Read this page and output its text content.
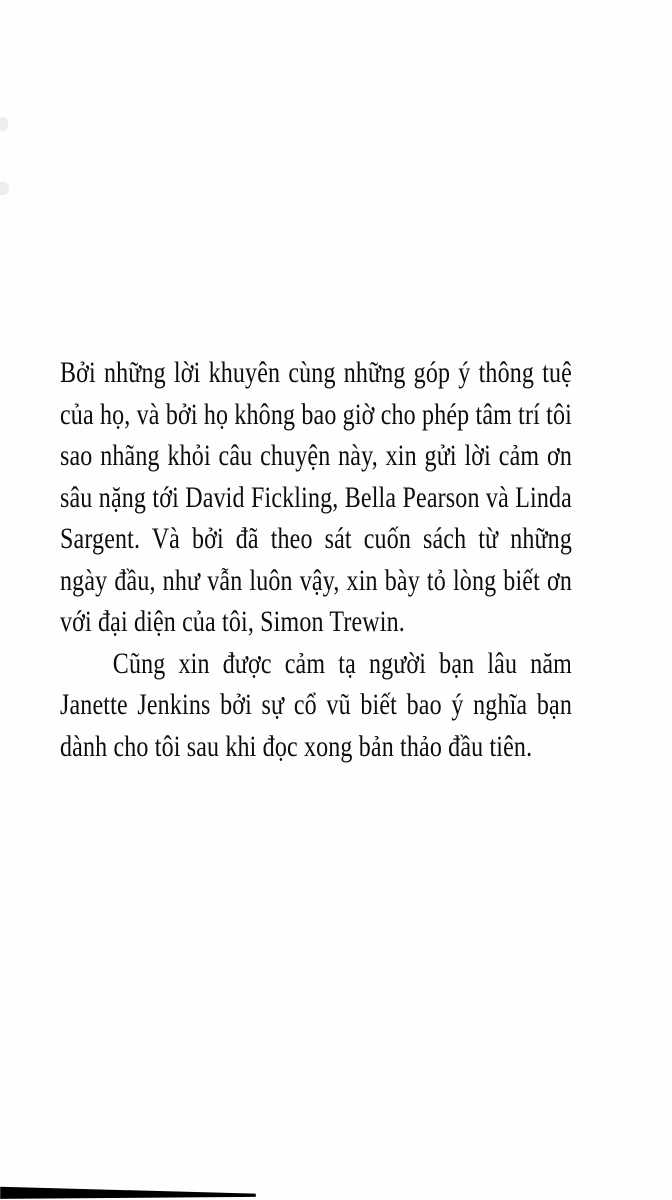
Bởi những lời khuyên cùng những góp ý thông tuệ của họ, và bởi họ không bao giờ cho phép tâm trí tôi sao nhãng khỏi câu chuyện này, xin gửi lời cảm ơn sâu nặng tới David Fickling, Bella Pearson và Linda Sargent. Và bởi đã theo sát cuốn sách từ những ngày đầu, như vẫn luôn vậy, xin bày tỏ lòng biết ơn với đại diện của tôi, Simon Trewin.

Cũng xin được cảm tạ người bạn lâu năm Janette Jenkins bởi sự cổ vũ biết bao ý nghĩa bạn dành cho tôi sau khi đọc xong bản thảo đầu tiên.
